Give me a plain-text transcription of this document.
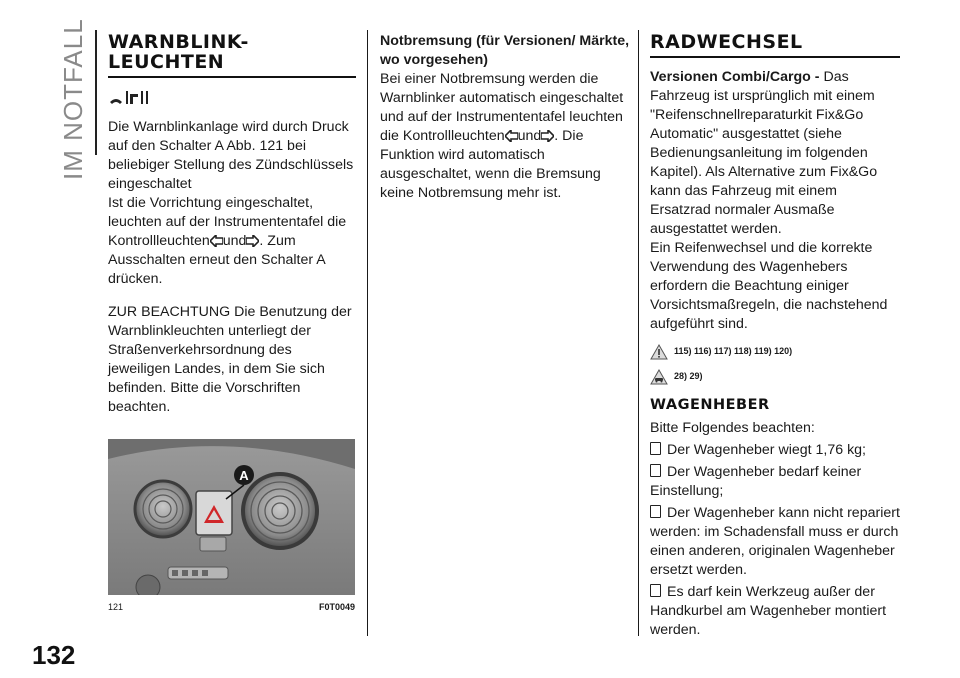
IM NOTFALL
132
WARNBLINK-LEUCHTEN

Die Warnblinkanlage wird durch Druck auf den Schalter A Abb. 121 bei beliebiger Stellung des Zündschlüssels eingeschaltet

Ist die Vorrichtung eingeschaltet, leuchten auf der Instrumententafel die Kontrollleuchten und . Zum Ausschalten erneut den Schalter A drücken.

ZUR BEACHTUNG Die Benutzung der Warnblinkleuchten unterliegt der Straßenverkehrsordnung des jeweiligen Landes, in dem Sie sich befinden. Bitte die Vorschriften beachten.

A
121	F0T0049

Notbremsung (für Versionen/ Märkte, wo vorgesehen)

Bei einer Notbremsung werden die Warnblinker automatisch eingeschaltet und auf der Instrumententafel leuchten die Kontrollleuchten und . Die Funktion wird automatisch ausgeschaltet, wenn die Bremsung keine Notbremsung mehr ist.

RADWECHSEL

Versionen Combi/Cargo - Das Fahrzeug ist ursprünglich mit einem "Reifenschnellreparaturkit Fix&Go Automatic" ausgestattet (siehe Bedienungsanleitung im folgenden Kapitel). Als Alternative zum Fix&Go kann das Fahrzeug mit einem Ersatzrad normaler Ausmaße ausgestattet werden.

Ein Reifenwechsel und die korrekte Verwendung des Wagenhebers erfordern die Beachtung einiger Vorsichtsmaßregeln, die nachstehend aufgeführt sind.

115) 116) 117) 118) 119) 120)
28) 29)
WAGENHEBER

Bitte Folgendes beachten:

Der Wagenheber wiegt 1,76 kg;

Der Wagenheber bedarf keiner Einstellung;

Der Wagenheber kann nicht repariert werden: im Schadensfall muss er durch einen anderen, originalen Wagenheber ersetzt werden.

Es darf kein Werkzeug außer der Handkurbel am Wagenheber montiert werden.
